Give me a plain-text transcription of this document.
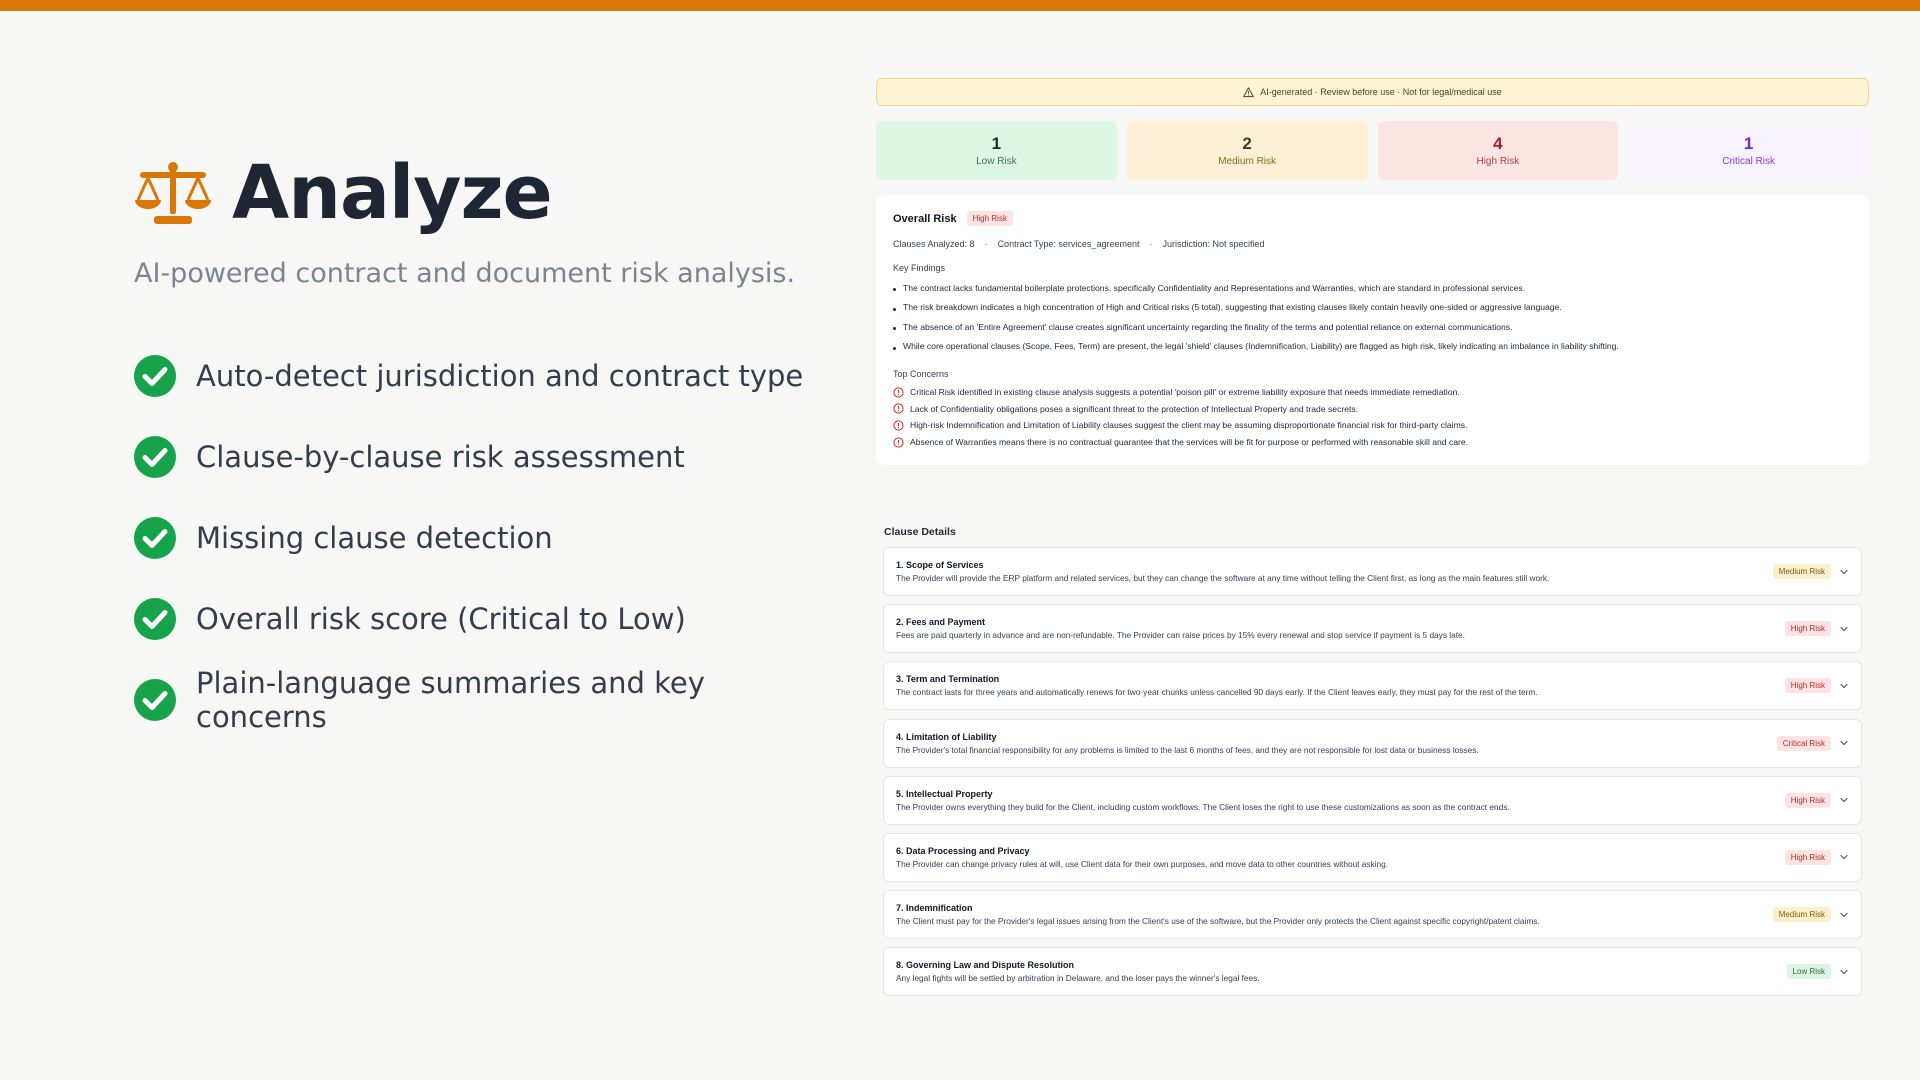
Analyze

AI-powered contract and document risk analysis.

Auto-detect jurisdiction and contract type
Clause-by-clause risk assessment
Missing clause detection
Overall risk score (Critical to Low)
Plain-language summaries and key concerns
AI-generated · Review before use · Not for legal/medical use
1
Low Risk
2
Medium Risk
4
High Risk
1
Critical Risk
Overall Risk	High Risk
Clauses Analyzed: 8 · Contract Type: services_agreement · Jurisdiction: Not specified
Key Findings
The contract lacks fundamental boilerplate protections, specifically Confidentiality and Representations and Warranties, which are standard in professional services.
The risk breakdown indicates a high concentration of High and Critical risks (5 total), suggesting that existing clauses likely contain heavily one-sided or aggressive language.
The absence of an 'Entire Agreement' clause creates significant uncertainty regarding the finality of the terms and potential reliance on external communications.
While core operational clauses (Scope, Fees, Term) are present, the legal 'shield' clauses (Indemnification, Liability) are flagged as high risk, likely indicating an imbalance in liability shifting.
Top Concerns
Critical Risk identified in existing clause analysis suggests a potential 'poison pill' or extreme liability exposure that needs immediate remediation.
Lack of Confidentiality obligations poses a significant threat to the protection of Intellectual Property and trade secrets.
High-risk Indemnification and Limitation of Liability clauses suggest the client may be assuming disproportionate financial risk for third-party claims.
Absence of Warranties means there is no contractual guarantee that the services will be fit for purpose or performed with reasonable skill and care.
Clause Details
1. Scope of Services
The Provider will provide the ERP platform and related services, but they can change the software at any time without telling the Client first, as long as the main features still work.
Medium Risk
2. Fees and Payment
Fees are paid quarterly in advance and are non-refundable. The Provider can raise prices by 15% every renewal and stop service if payment is 5 days late.
High Risk
3. Term and Termination
The contract lasts for three years and automatically renews for two-year chunks unless cancelled 90 days early. If the Client leaves early, they must pay for the rest of the term.
High Risk
4. Limitation of Liability
The Provider's total financial responsibility for any problems is limited to the last 6 months of fees, and they are not responsible for lost data or business losses.
Critical Risk
5. Intellectual Property
The Provider owns everything they build for the Client, including custom workflows. The Client loses the right to use these customizations as soon as the contract ends.
High Risk
6. Data Processing and Privacy
The Provider can change privacy rules at will, use Client data for their own purposes, and move data to other countries without asking.
High Risk
7. Indemnification
The Client must pay for the Provider's legal issues arising from the Client's use of the software, but the Provider only protects the Client against specific copyright/patent claims.
Medium Risk
8. Governing Law and Dispute Resolution
Any legal fights will be settled by arbitration in Delaware, and the loser pays the winner's legal fees.
Low Risk
